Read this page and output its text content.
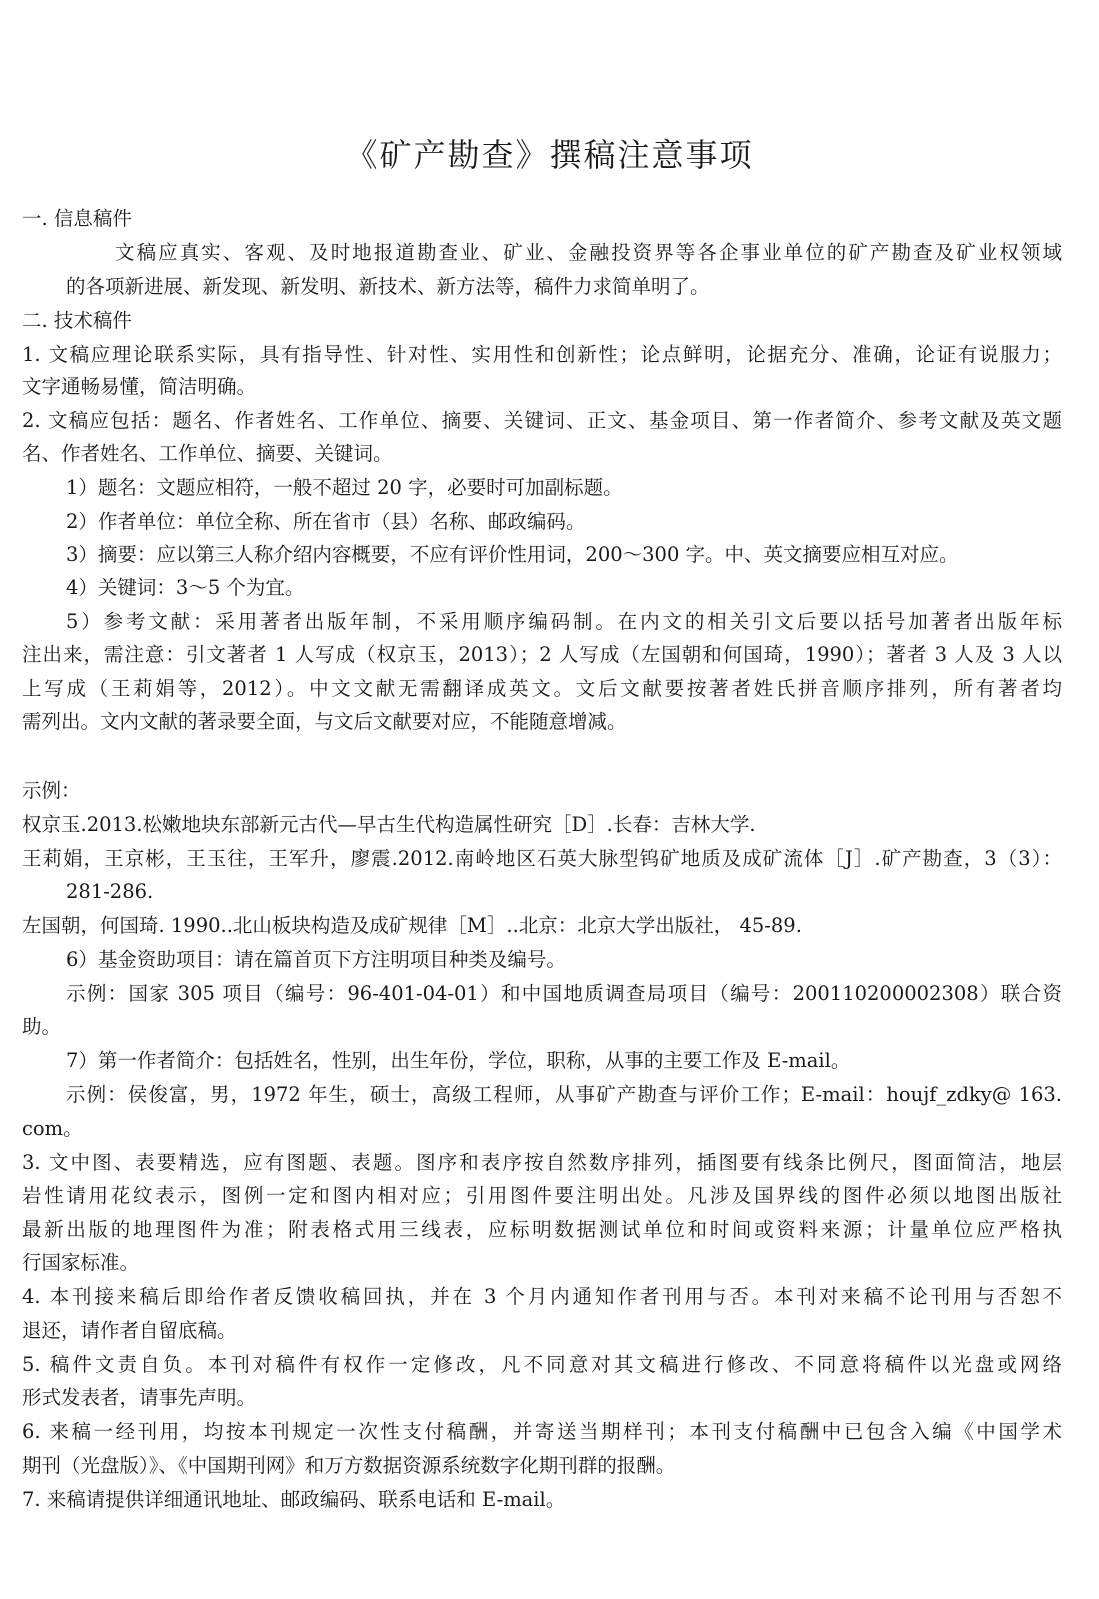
《矿产勘查》撰稿注意事项
一. 信息稿件
文稿应真实、客观、及时地报道勘查业、矿业、金融投资界等各企事业单位的矿产勘查及矿业权领域
的各项新进展、新发现、新发明、新技术、新方法等，稿件力求简单明了。
二. 技术稿件
1. 文稿应理论联系实际，具有指导性、针对性、实用性和创新性；论点鲜明，论据充分、准确，论证有说服力；
文字通畅易懂，简洁明确。
2. 文稿应包括：题名、作者姓名、工作单位、摘要、关键词、正文、基金项目、第一作者简介、参考文献及英文题
名、作者姓名、工作单位、摘要、关键词。
1）题名：文题应相符，一般不超过 20 字，必要时可加副标题。
2）作者单位：单位全称、所在省市（县）名称、邮政编码。
3）摘要：应以第三人称介绍内容概要，不应有评价性用词，200～300 字。中、英文摘要应相互对应。
4）关键词：3～5 个为宜。
5）参考文献：采用著者出版年制，不采用顺序编码制。在内文的相关引文后要以括号加著者出版年标
注出来，需注意：引文著者 1 人写成（权京玉，2013）；2 人写成（左国朝和何国琦，1990）；著者 3 人及 3 人以
上写成（王莉娟等，2012）。中文文献无需翻译成英文。文后文献要按著者姓氏拼音顺序排列，所有著者均
需列出。文内文献的著录要全面，与文后文献要对应，不能随意增减。
示例：
权京玉.2013.松嫩地块东部新元古代—早古生代构造属性研究［D］.长春：吉林大学.
王莉娟，王京彬，王玉往，王军升，廖震.2012.南岭地区石英大脉型钨矿地质及成矿流体［J］.矿产勘查，3（3）：
281-286.
左国朝，何国琦. 1990..北山板块构造及成矿规律［M］..北京：北京大学出版社， 45-89.
6）基金资助项目：请在篇首页下方注明项目种类及编号。
示例：国家 305 项目（编号：96-401-04-01）和中国地质调查局项目（编号：200110200002308）联合资
助。
7）第一作者简介：包括姓名，性别，出生年份，学位，职称，从事的主要工作及 E-mail。
示例：侯俊富，男，1972 年生，硕士，高级工程师，从事矿产勘查与评价工作；E-mail：houjf_zdky@ 163.
com。
3. 文中图、表要精选，应有图题、表题。图序和表序按自然数序排列，插图要有线条比例尺，图面简洁，地层
岩性请用花纹表示，图例一定和图内相对应；引用图件要注明出处。凡涉及国界线的图件必须以地图出版社
最新出版的地理图件为准；附表格式用三线表，应标明数据测试单位和时间或资料来源；计量单位应严格执
行国家标准。
4. 本刊接来稿后即给作者反馈收稿回执，并在 3 个月内通知作者刊用与否。本刊对来稿不论刊用与否恕不
退还，请作者自留底稿。
5. 稿件文责自负。本刊对稿件有权作一定修改，凡不同意对其文稿进行修改、不同意将稿件以光盘或网络
形式发表者，请事先声明。
6. 来稿一经刊用，均按本刊规定一次性支付稿酬，并寄送当期样刊；本刊支付稿酬中已包含入编《中国学术
期刊（光盘版）》、《中国期刊网》和万方数据资源系统数字化期刊群的报酬。
7. 来稿请提供详细通讯地址、邮政编码、联系电话和 E-mail。
